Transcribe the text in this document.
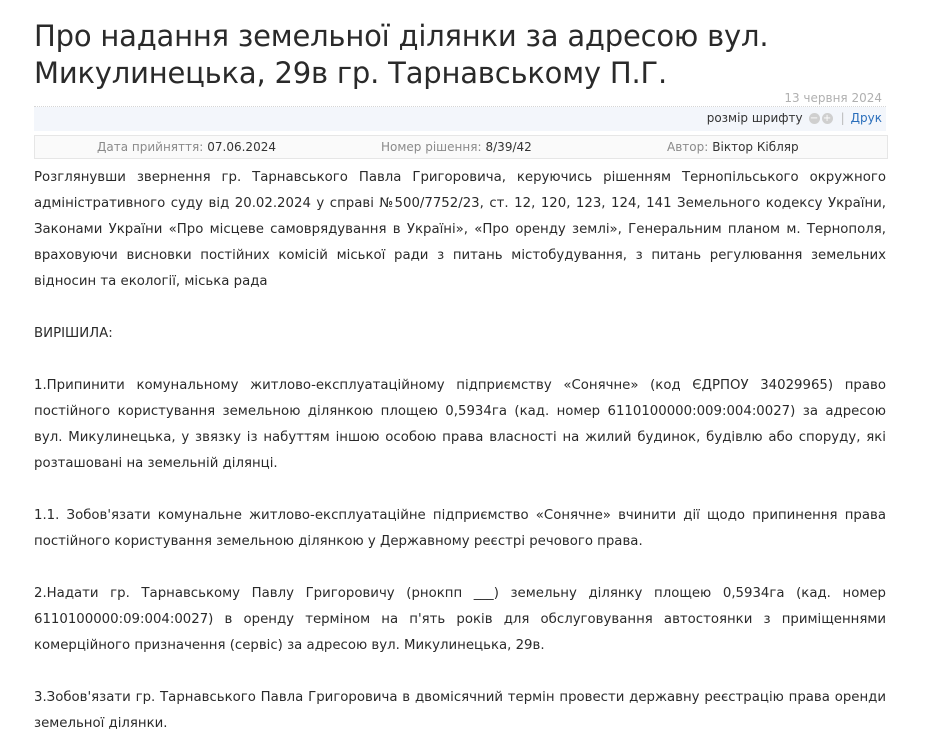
Про надання земельної ділянки за адресою вул. Микулинецька, 29в гр. Тарнавському П.Г.
13 червня 2024
розмір шрифту − + | Друк
Дата прийняття: 07.06.2024	Номер рішення: 8/39/42	Автор: Віктор Кібляр

Розглянувши звернення гр. Тарнавського Павла Григоровича, керуючись рішенням Тернопільського окружного адміністративного суду від 20.02.2024 у справі №500/7752/23, ст. 12, 120, 123, 124, 141 Земельного кодексу України, Законами України «Про місцеве самоврядування в Україні», «Про оренду землі», Генеральним планом м. Тернополя, враховуючи висновки постійних комісій міської ради з питань містобудування, з питань регулювання земельних відносин та екології, міська рада

ВИРІШИЛА:

1.Припинити комунальному житлово-експлуатаційному підприємству «Сонячне» (код ЄДРПОУ 34029965) право постійного користування земельною ділянкою площею 0,5934га (кад. номер 6110100000:009:004:0027) за адресою вул. Микулинецька, у звязку із набуттям іншою особою права власності на жилий будинок, будівлю або споруду, які розташовані на земельній ділянці.

1.1. Зобов'язати комунальне житлово-експлуатаційне підприємство «Сонячне» вчинити дії щодо припинення права постійного користування земельною ділянкою у Державному реєстрі речового права.

2.Надати гр. Тарнавському Павлу Григоровичу (рнокпп ___) земельну ділянку площею 0,5934га (кад. номер 6110100000:09:004:0027) в оренду терміном на п'ять років для обслуговування автостоянки з приміщеннями комерційного призначення (сервіс) за адресою вул. Микулинецька, 29в.

3.Зобов'язати гр. Тарнавського Павла Григоровича в двомісячний термін провести державну реєстрацію права оренди земельної ділянки.
